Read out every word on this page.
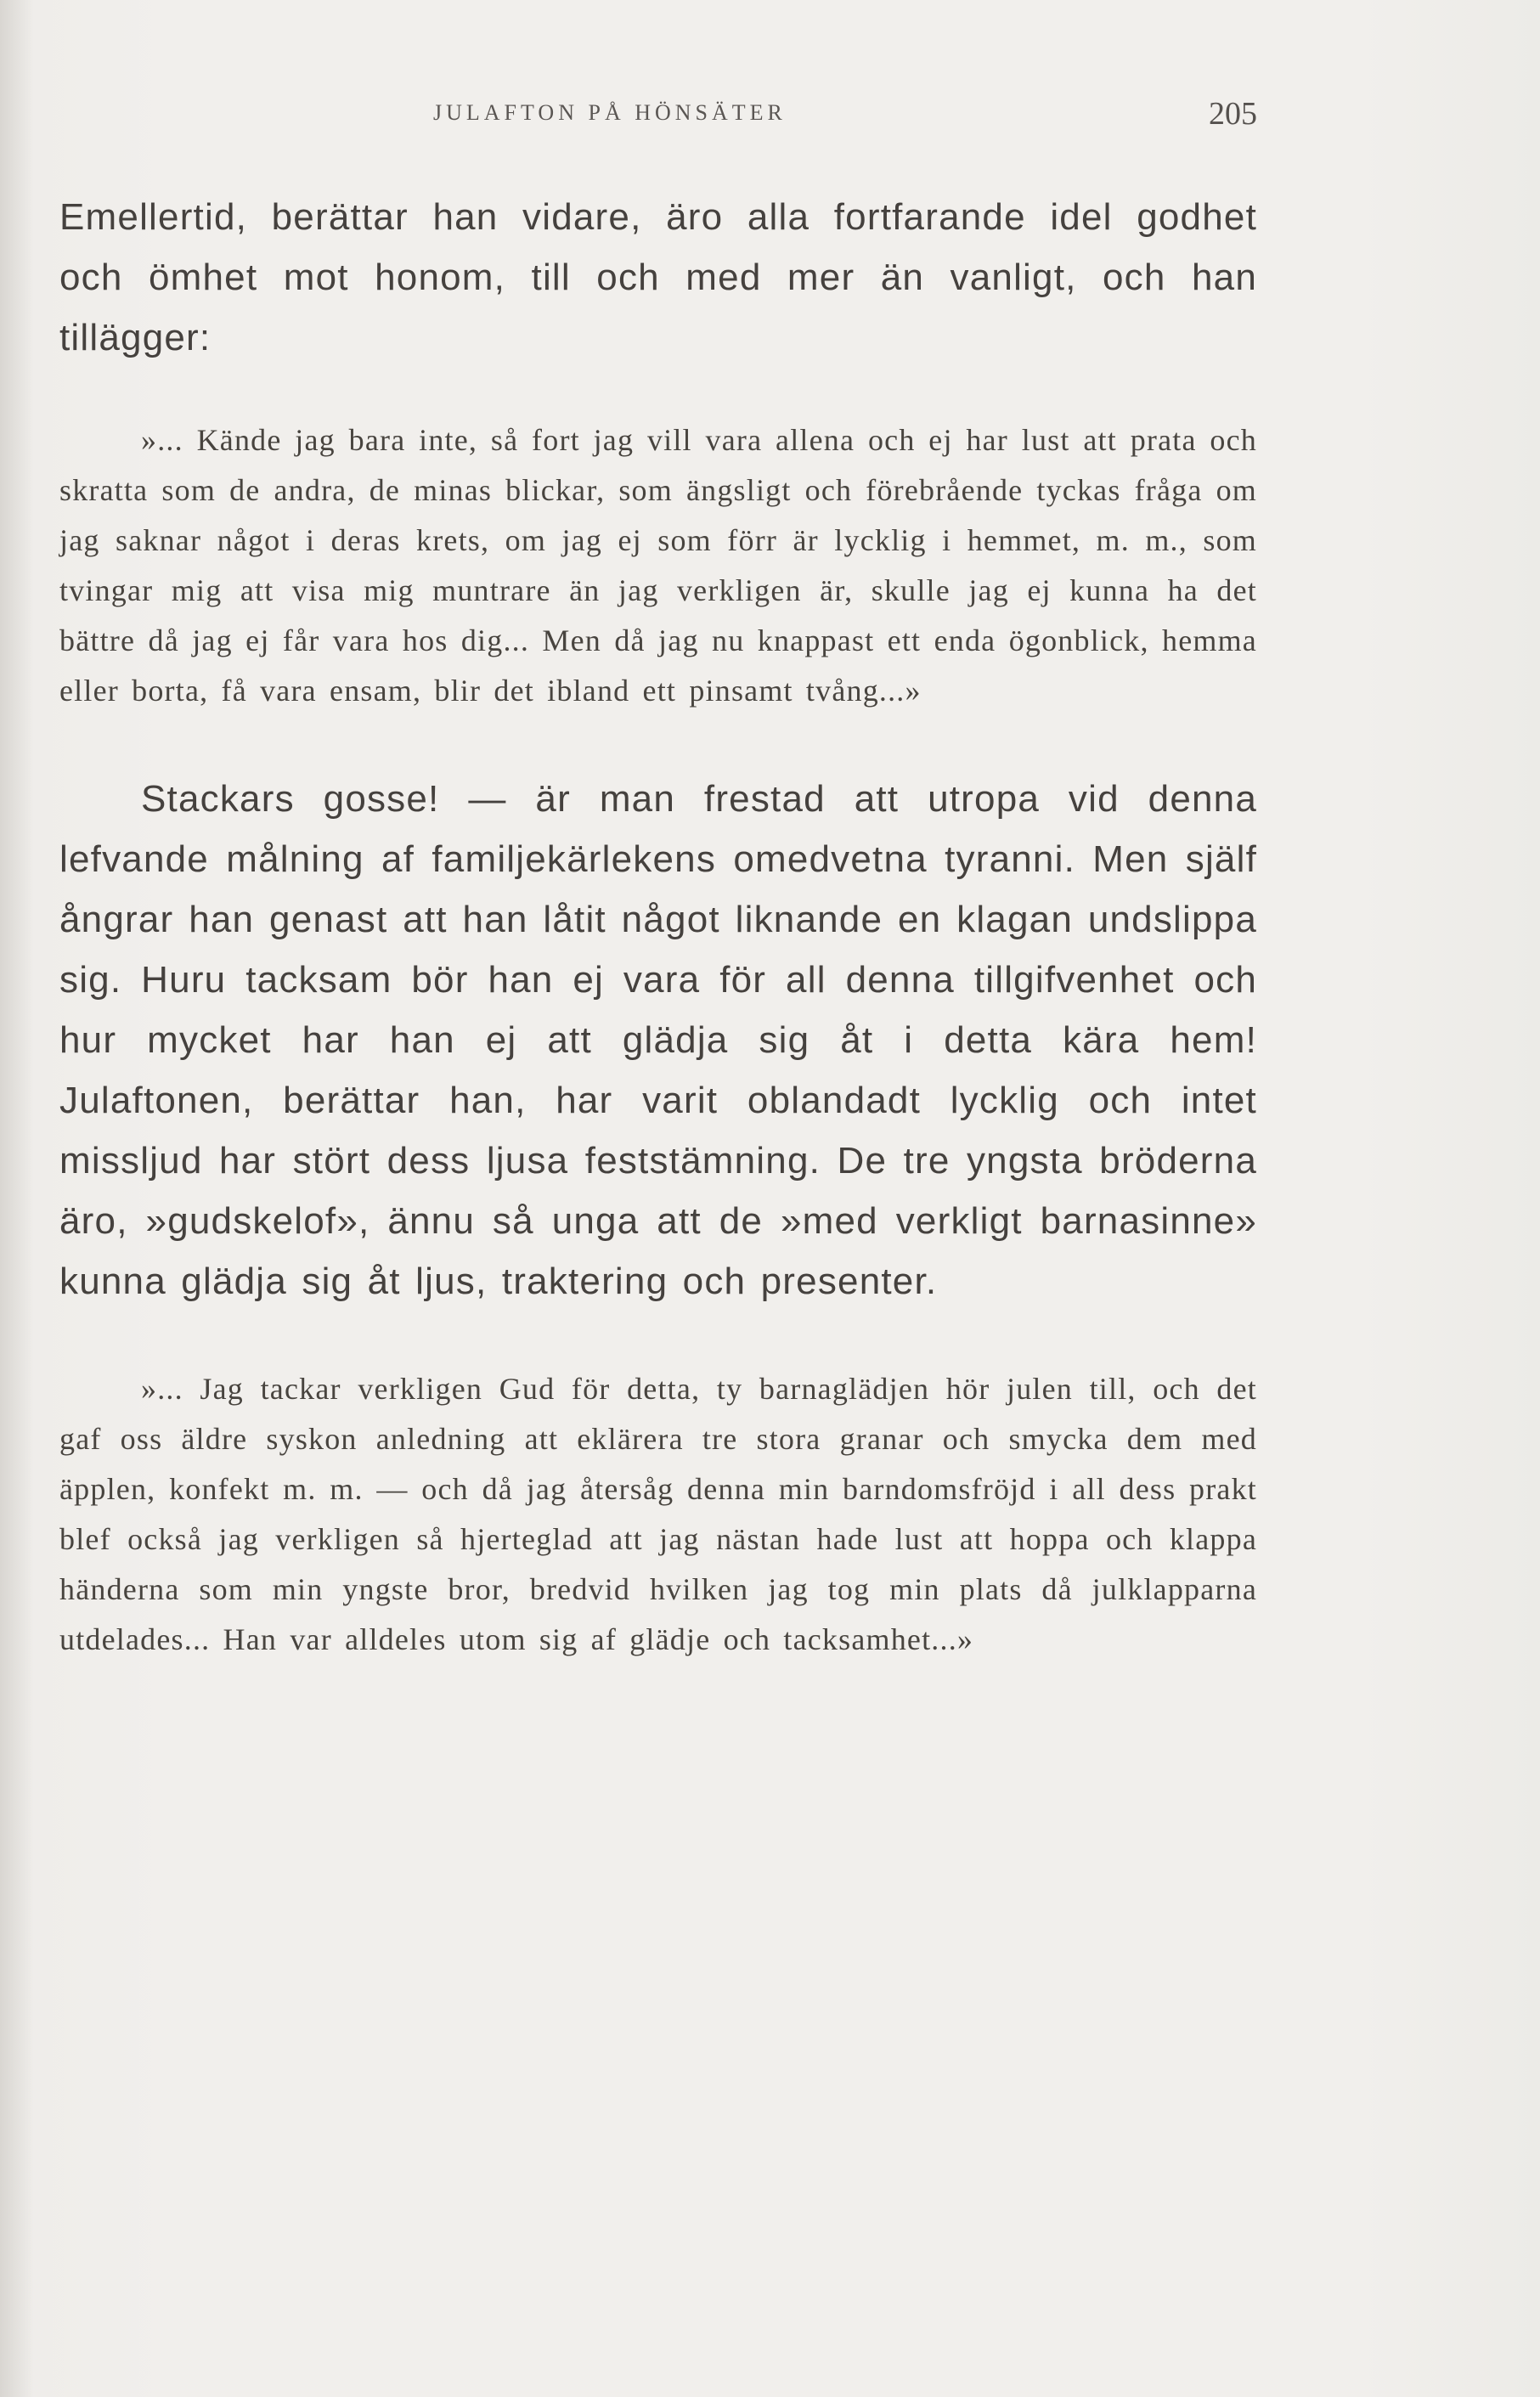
JULAFTON PÅ HÖNSÄTER	205

Emellertid, berättar han vidare, äro alla fortfarande idel godhet och ömhet mot honom, till och med mer än vanligt, och han tillägger:

»... Kände jag bara inte, så fort jag vill vara allena och ej har lust att prata och skratta som de andra, de minas blickar, som ängsligt och förebrående tyckas fråga om jag saknar något i deras krets, om jag ej som förr är lycklig i hemmet, m. m., som tvingar mig att visa mig muntrare än jag verkligen är, skulle jag ej kunna ha det bättre då jag ej får vara hos dig... Men då jag nu knappast ett enda ögonblick, hemma eller borta, få vara ensam, blir det ibland ett pinsamt tvång...»

Stackars gosse! — är man frestad att utropa vid denna lefvande målning af familjekärlekens omedvetna tyranni. Men själf ångrar han genast att han låtit något liknande en klagan undslippa sig. Huru tacksam bör han ej vara för all denna tillgifvenhet och hur mycket har han ej att glädja sig åt i detta kära hem! Julaftonen, berättar han, har varit oblandadt lycklig och intet missljud har stört dess ljusa feststämning. De tre yngsta bröderna äro, »gudskelof», ännu så unga att de »med verkligt barnasinne» kunna glädja sig åt ljus, traktering och presenter.

»... Jag tackar verkligen Gud för detta, ty barnaglädjen hör julen till, och det gaf oss äldre syskon anledning att eklärera tre stora granar och smycka dem med äpplen, konfekt m. m. — och då jag återsåg denna min barndomsfröjd i all dess prakt blef också jag verkligen så hjerteglad att jag nästan hade lust att hoppa och klappa händerna som min yngste bror, bredvid hvilken jag tog min plats då julklapparna utdelades... Han var alldeles utom sig af glädje och tacksamhet...»
